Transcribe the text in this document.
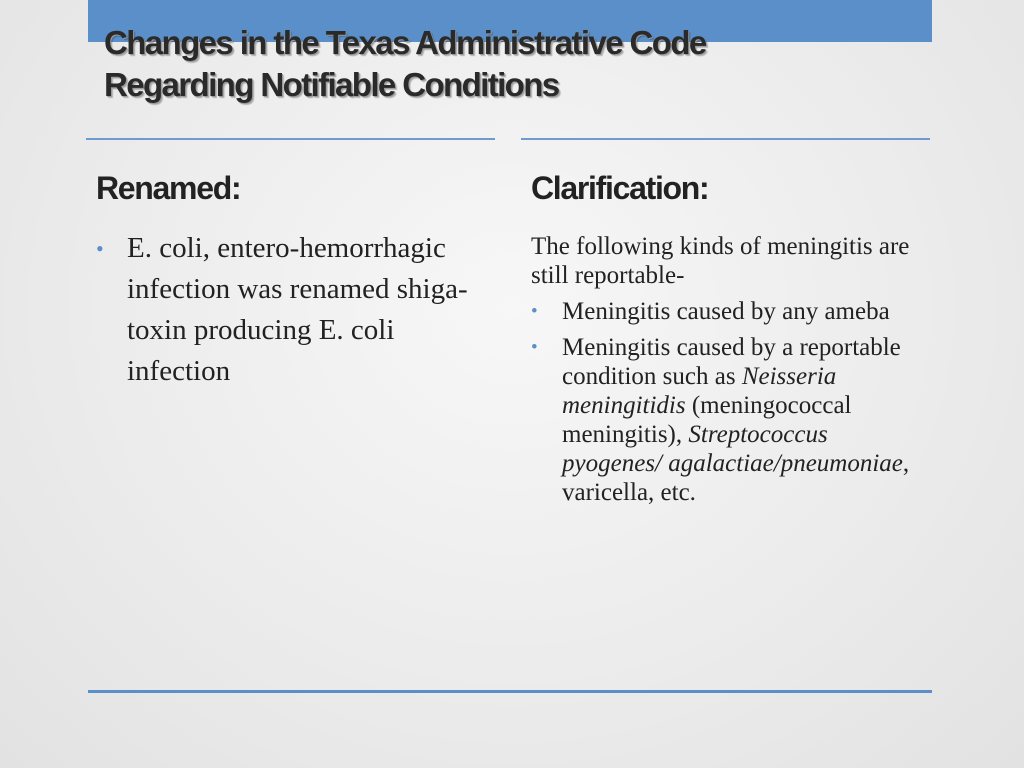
Changes in the Texas Administrative Code
Regarding Notifiable Conditions
Renamed:	Clarification:
• E. coli, entero-hemorrhagic infection was renamed shiga-toxin producing E. coli infection

The following kinds of meningitis are still reportable-

• Meningitis caused by any ameba
• Meningitis caused by a reportable condition such as Neisseria meningitidis (meningococcal meningitis), Streptococcus pyogenes/ agalactiae/pneumoniae, varicella, etc.
